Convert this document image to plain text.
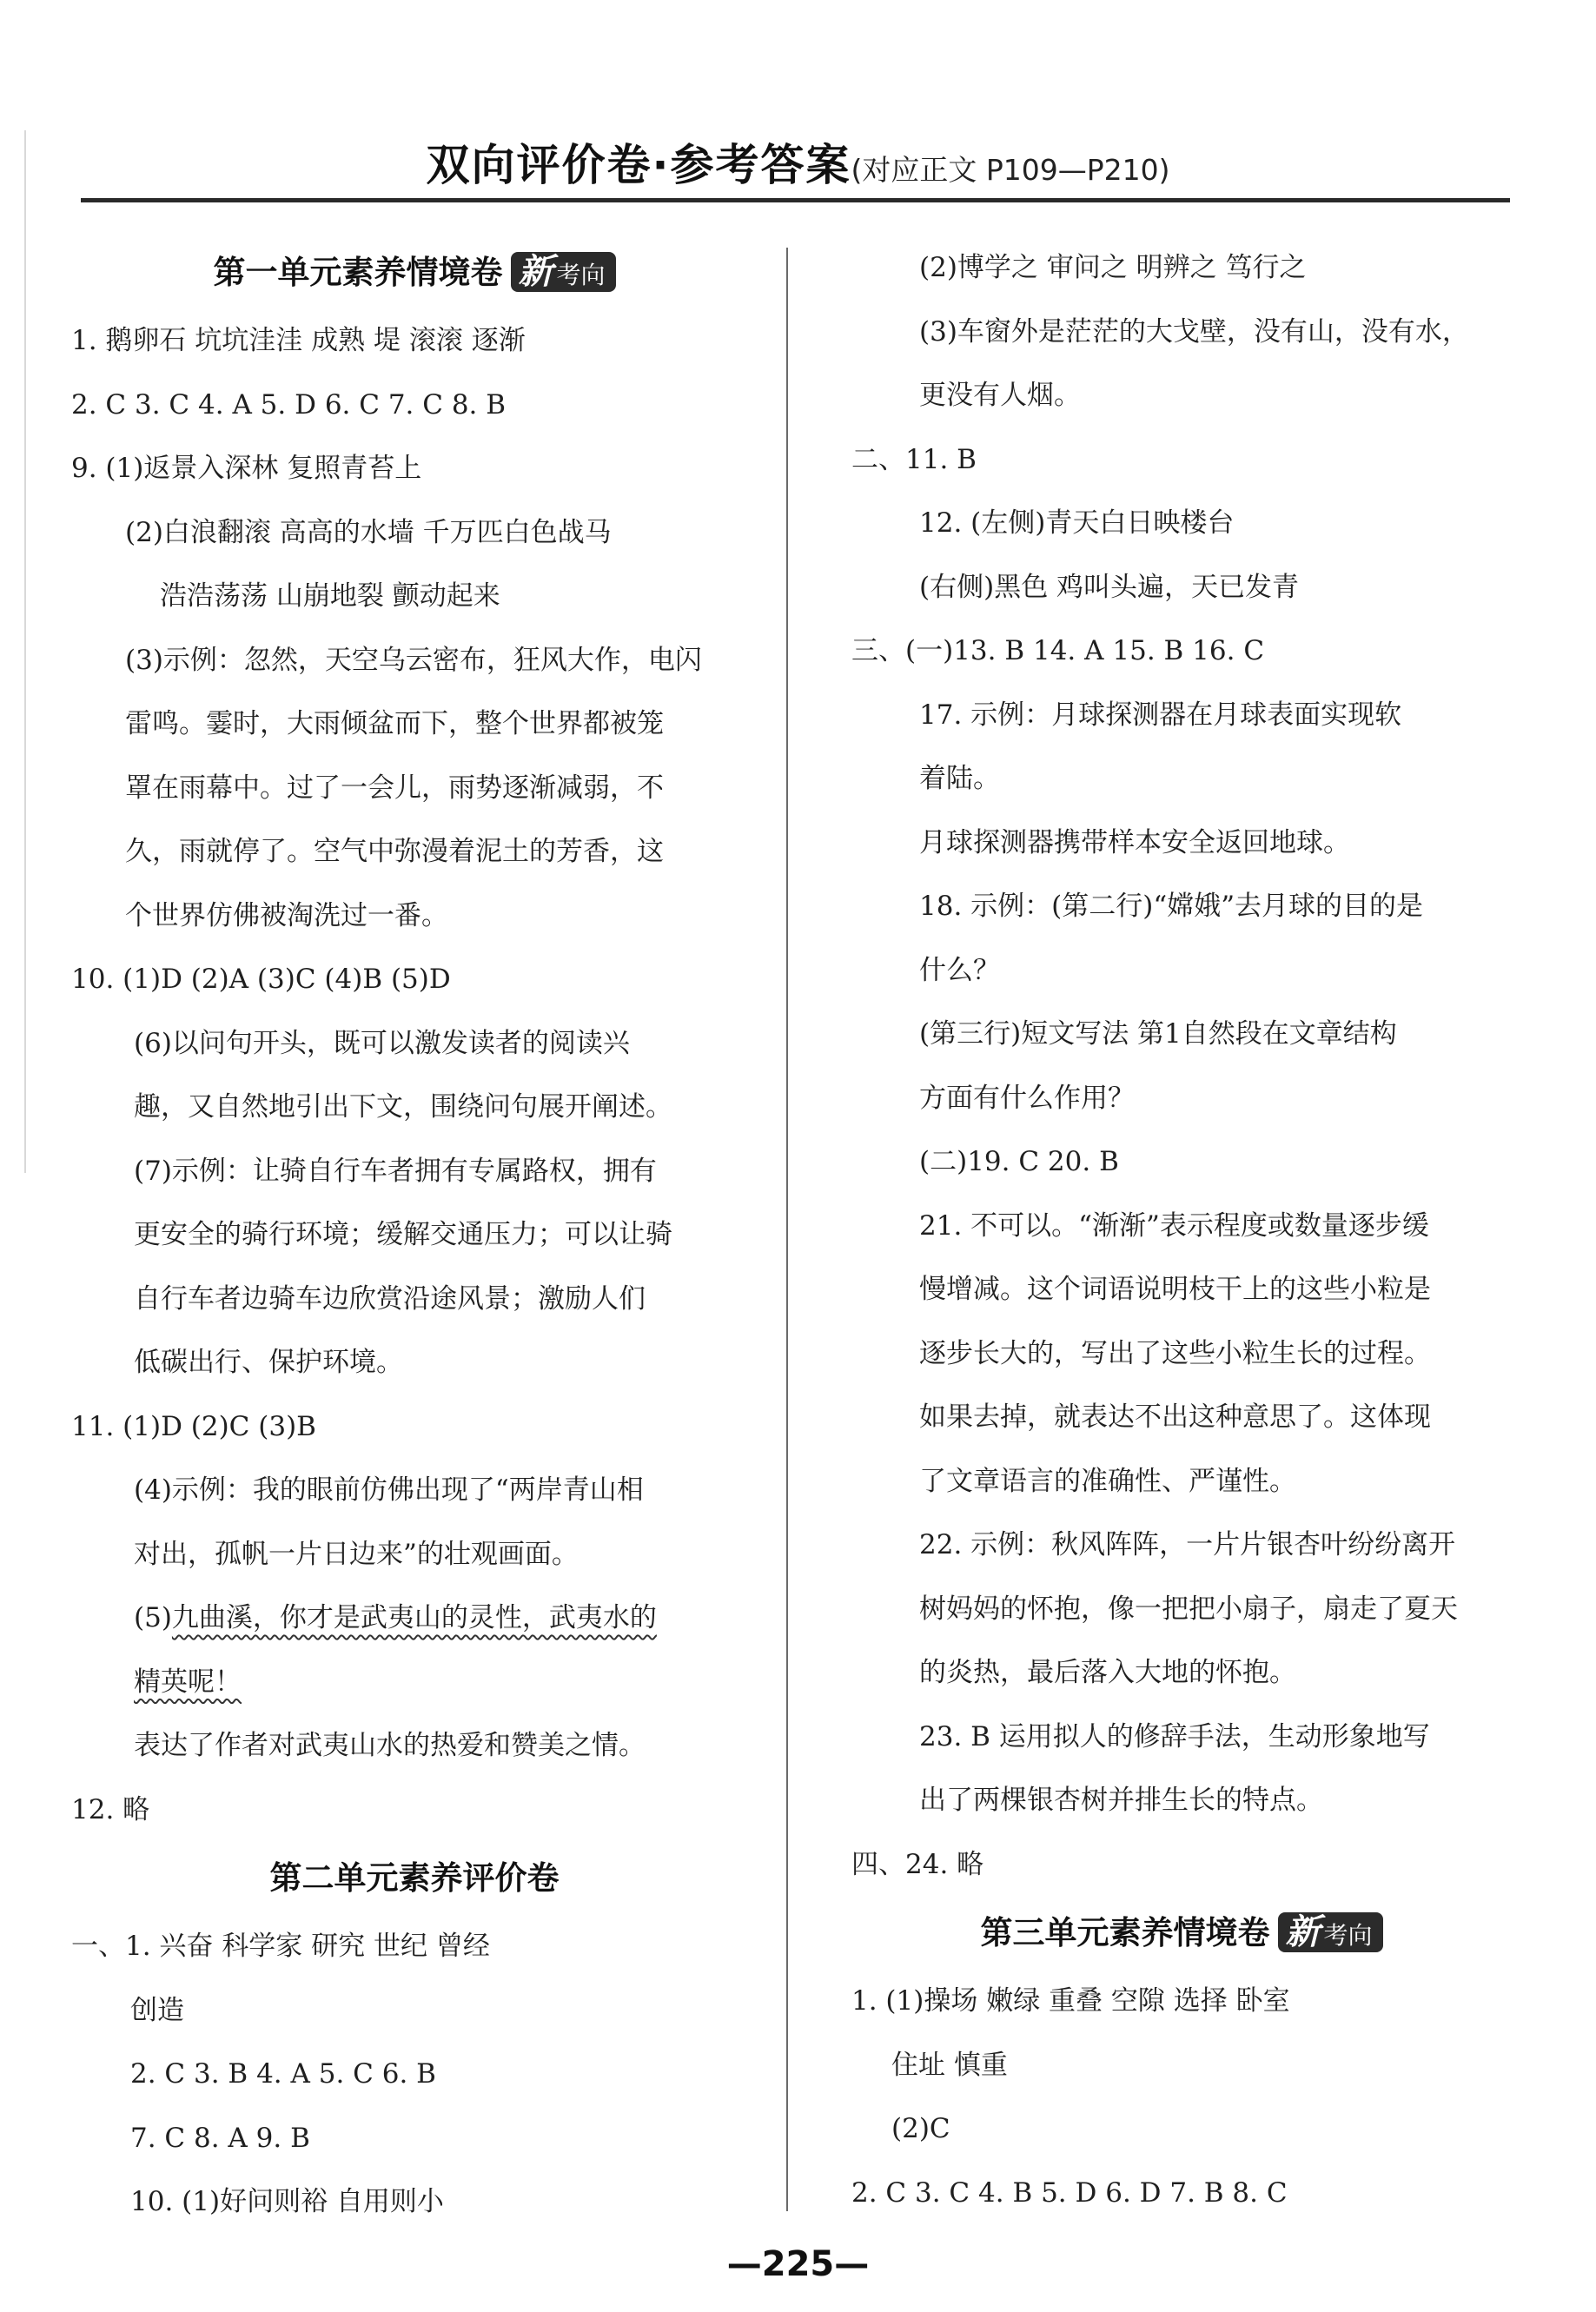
双向评价卷·参考答案(对应正文 P109—P210)
第一单元素养情境卷 新 考向
1. 鹅卵石 坑坑洼洼 成熟 堤 滚滚 逐渐
2. C 3. C 4. A 5. D 6. C 7. C 8. B
9. (1)返景入深林 复照青苔上
(2)白浪翻滚 高高的水墙 千万匹白色战马
浩浩荡荡 山崩地裂 颤动起来
(3)示例：忽然，天空乌云密布，狂风大作，电闪
雷鸣。霎时，大雨倾盆而下，整个世界都被笼
罩在雨幕中。过了一会儿，雨势逐渐减弱，不
久，雨就停了。空气中弥漫着泥土的芳香，这
个世界仿佛被淘洗过一番。
10. (1)D (2)A (3)C (4)B (5)D
(6)以问句开头，既可以激发读者的阅读兴
趣，又自然地引出下文，围绕问句展开阐述。
(7)示例：让骑自行车者拥有专属路权，拥有
更安全的骑行环境；缓解交通压力；可以让骑
自行车者边骑车边欣赏沿途风景；激励人们
低碳出行、保护环境。
11. (1)D (2)C (3)B
(4)示例：我的眼前仿佛出现了“两岸青山相
对出，孤帆一片日边来”的壮观画面。
(5)九曲溪，你才是武夷山的灵性，武夷水的
精英呢！
表达了作者对武夷山水的热爱和赞美之情。
12. 略
第二单元素养评价卷
一、1. 兴奋 科学家 研究 世纪 曾经
创造
2. C 3. B 4. A 5. C 6. B
7. C 8. A 9. B
10. (1)好问则裕 自用则小
(2)博学之 审问之 明辨之 笃行之
(3)车窗外是茫茫的大戈壁，没有山，没有水，
更没有人烟。
二、11. B
12. (左侧)青天白日映楼台
(右侧)黑色 鸡叫头遍，天已发青
三、(一)13. B 14. A 15. B 16. C
17. 示例：月球探测器在月球表面实现软
着陆。
月球探测器携带样本安全返回地球。
18. 示例：(第二行)“嫦娥”去月球的目的是
什么？
(第三行)短文写法 第1自然段在文章结构
方面有什么作用？
(二)19. C 20. B
21. 不可以。“渐渐”表示程度或数量逐步缓
慢增减。这个词语说明枝干上的这些小粒是
逐步长大的，写出了这些小粒生长的过程。
如果去掉，就表达不出这种意思了。这体现
了文章语言的准确性、严谨性。
22. 示例：秋风阵阵，一片片银杏叶纷纷离开
树妈妈的怀抱，像一把把小扇子，扇走了夏天
的炎热，最后落入大地的怀抱。
23. B 运用拟人的修辞手法，生动形象地写
出了两棵银杏树并排生长的特点。
四、24. 略
第三单元素养情境卷 新 考向
1. (1)操场 嫩绿 重叠 空隙 选择 卧室
住址 慎重
(2)C
2. C 3. C 4. B 5. D 6. D 7. B 8. C
—225—
